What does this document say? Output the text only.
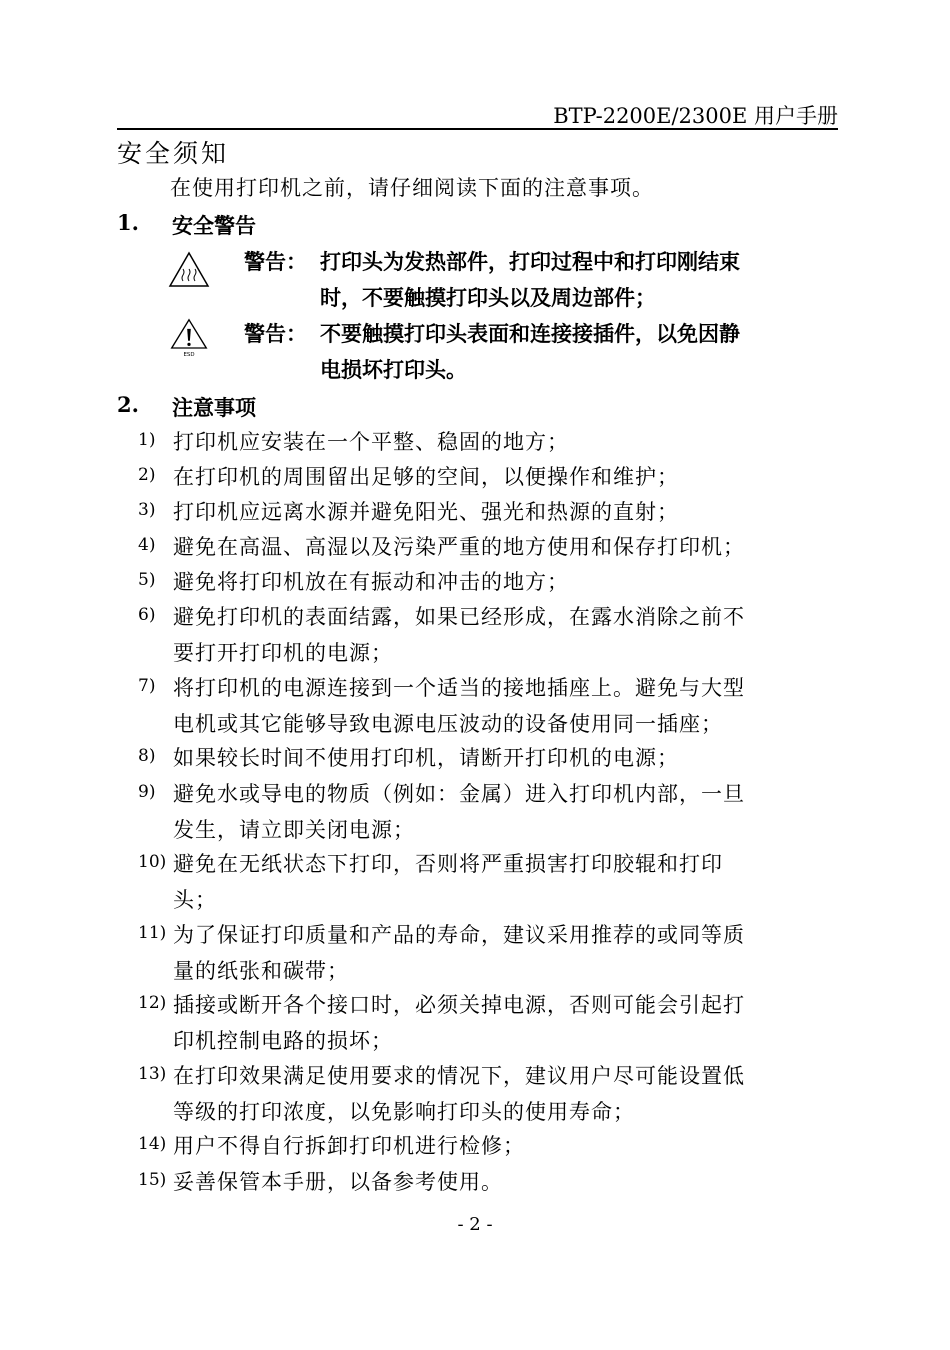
BTP-2200E/2300E 用户手册
安全须知
在使用打印机之前，请仔细阅读下面的注意事项。
1. 安全警告
警告： 打印头为发热部件，打印过程中和打印刚结束
时，不要触摸打印头以及周边部件；
ESD
警告： 不要触摸打印头表面和连接接插件，以免因静
电损坏打印头。
2. 注意事项
1) 打印机应安装在一个平整、稳固的地方；
2) 在打印机的周围留出足够的空间，以便操作和维护；
3) 打印机应远离水源并避免阳光、强光和热源的直射；
4) 避免在高温、高湿以及污染严重的地方使用和保存打印机；
5) 避免将打印机放在有振动和冲击的地方；
6) 避免打印机的表面结露，如果已经形成，在露水消除之前不
要打开打印机的电源；
7) 将打印机的电源连接到一个适当的接地插座上。避免与大型
电机或其它能够导致电源电压波动的设备使用同一插座；
8) 如果较长时间不使用打印机，请断开打印机的电源；
9) 避免水或导电的物质（例如：金属）进入打印机内部，一旦
发生，请立即关闭电源；
10) 避免在无纸状态下打印，否则将严重损害打印胶辊和打印
头；
11) 为了保证打印质量和产品的寿命，建议采用推荐的或同等质
量的纸张和碳带；
12) 插接或断开各个接口时，必须关掉电源，否则可能会引起打
印机控制电路的损坏；
13) 在打印效果满足使用要求的情况下，建议用户尽可能设置低
等级的打印浓度，以免影响打印头的使用寿命；
14) 用户不得自行拆卸打印机进行检修；
15) 妥善保管本手册，以备参考使用。
- 2 -
